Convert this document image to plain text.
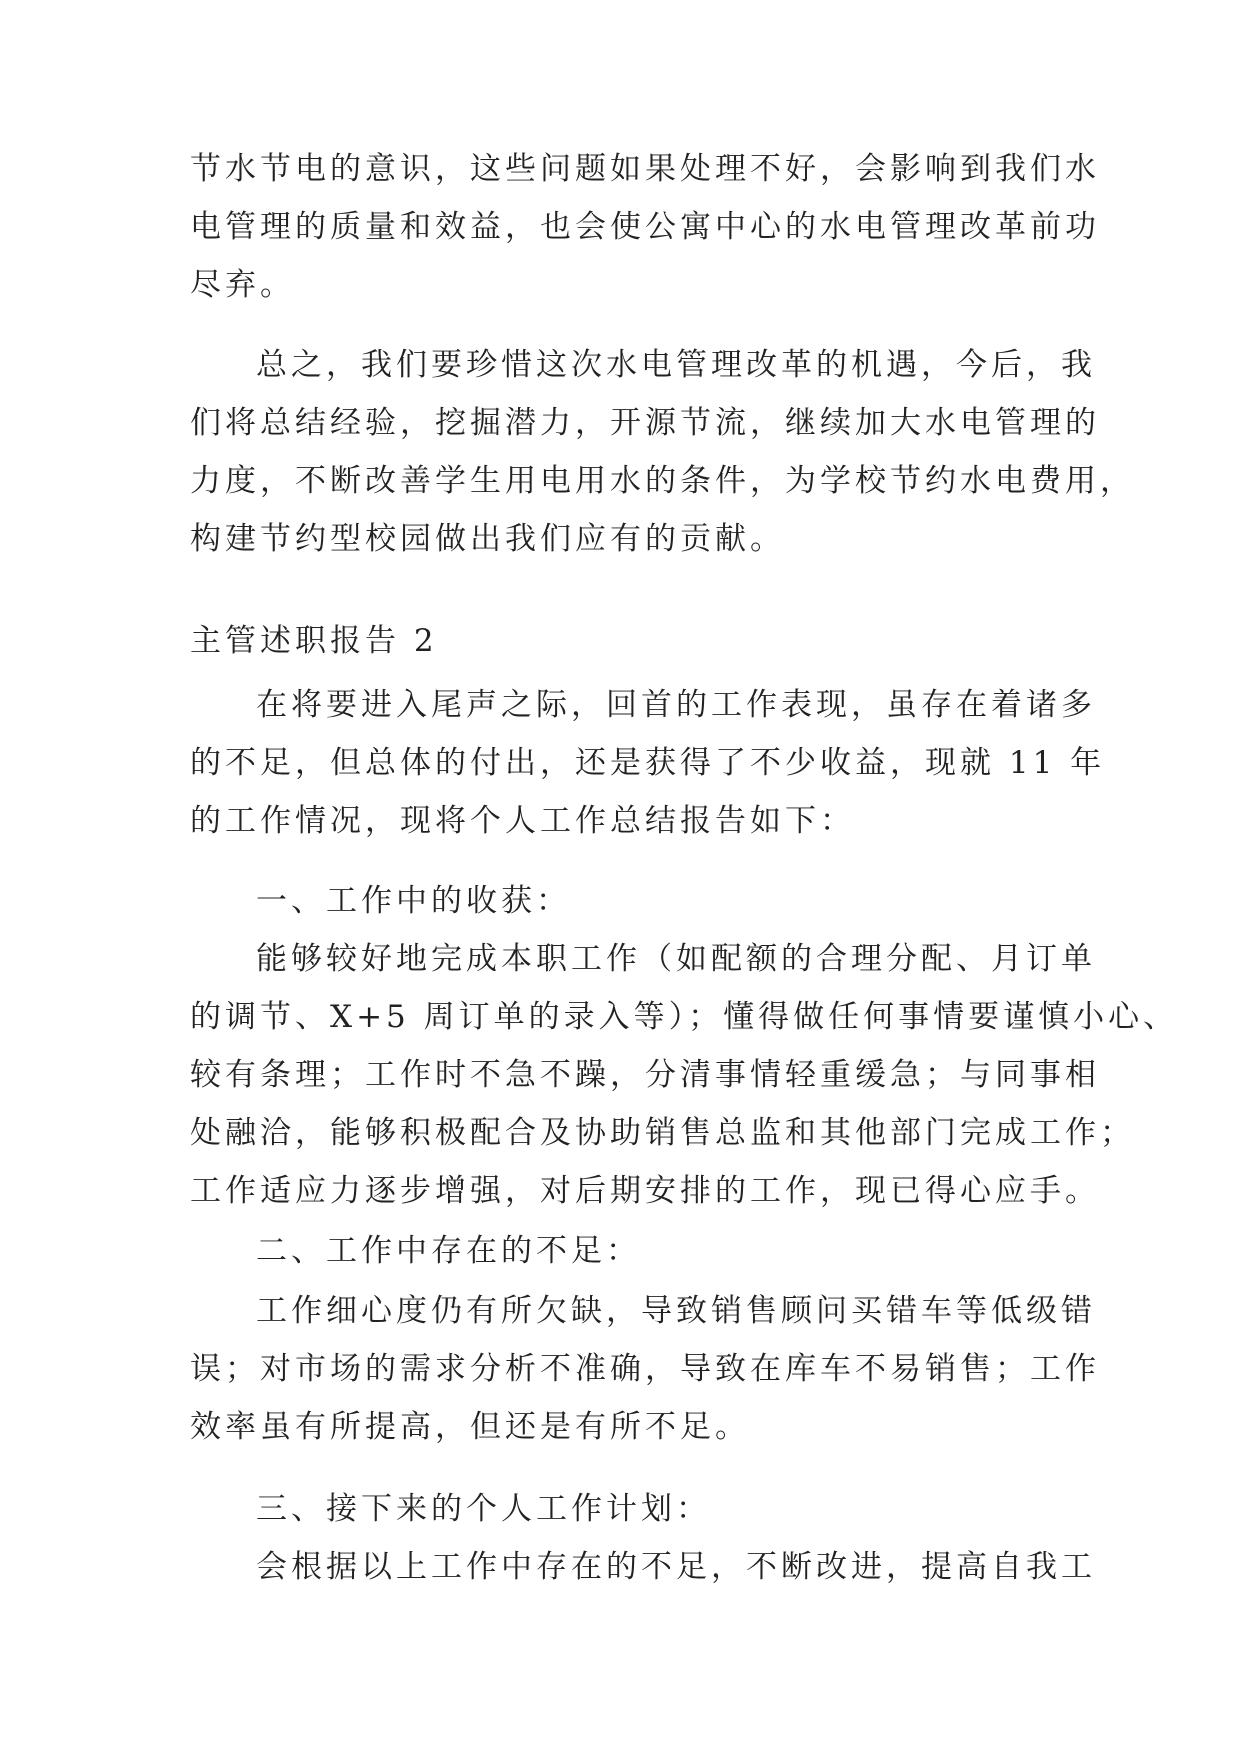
节水节电的意识，这些问题如果处理不好，会影响到我们水
电管理的质量和效益，也会使公寓中心的水电管理改革前功
尽弃。
总之，我们要珍惜这次水电管理改革的机遇，今后，我
们将总结经验，挖掘潜力，开源节流，继续加大水电管理的
力度，不断改善学生用电用水的条件，为学校节约水电费用，
构建节约型校园做出我们应有的贡献。
主管述职报告 2
在将要进入尾声之际，回首的工作表现，虽存在着诸多
的不足，但总体的付出，还是获得了不少收益，现就 11 年
的工作情况，现将个人工作总结报告如下：
一、工作中的收获：
能够较好地完成本职工作（如配额的合理分配、月订单
的调节、X+5 周订单的录入等）；懂得做任何事情要谨慎小心、
较有条理；工作时不急不躁，分清事情轻重缓急；与同事相
处融洽，能够积极配合及协助销售总监和其他部门完成工作；
工作适应力逐步增强，对后期安排的工作，现已得心应手。
二、工作中存在的不足：
工作细心度仍有所欠缺，导致销售顾问买错车等低级错
误；对市场的需求分析不准确，导致在库车不易销售；工作
效率虽有所提高，但还是有所不足。
三、接下来的个人工作计划：
会根据以上工作中存在的不足，不断改进，提高自我工
